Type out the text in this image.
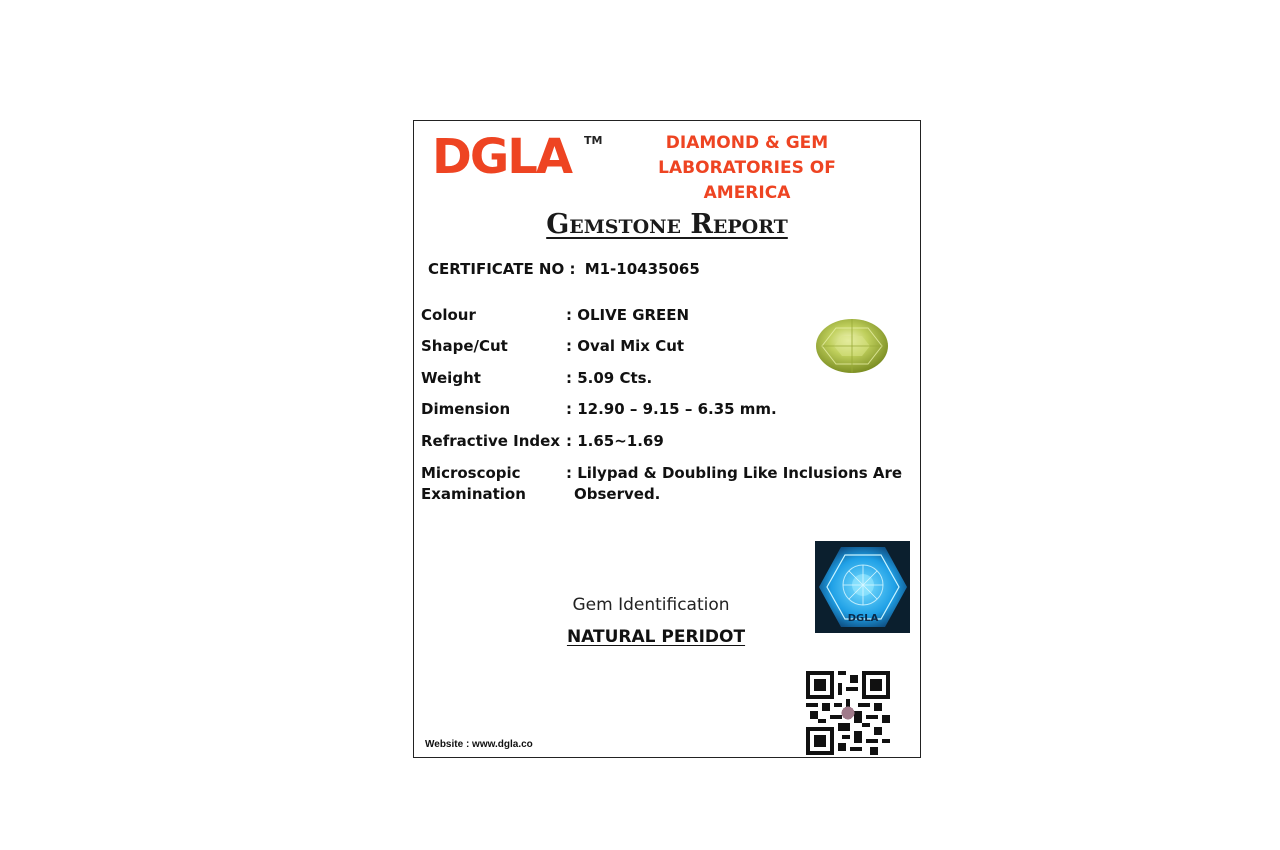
DGLA TM	DIAMOND & GEM
LABORATORIES OF AMERICA
Gemstone Report
CERTIFICATE NO : M1-10435065
Colour	: OLIVE GREEN
Shape/Cut	: Oval Mix Cut
Weight	: 5.09 Cts.
Dimension	: 12.90 – 9.15 – 6.35 mm.
Refractive Index : 1.65~1.69
Microscopic	: Lilypad & Doubling Like Inclusions Are
Examination	Observed.
DGLA
Gem Identification
NATURAL PERIDOT
Website : www.dgla.co
